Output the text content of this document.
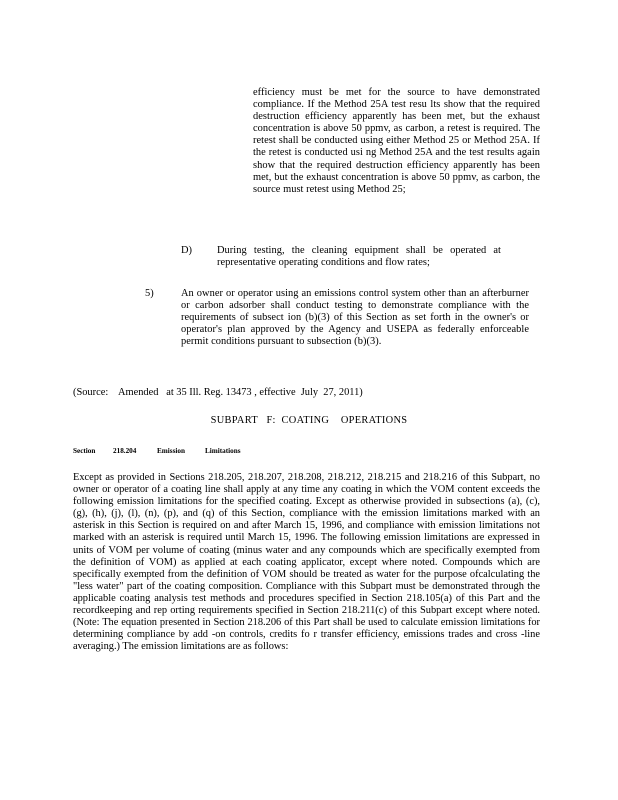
efficiency must be met for the source to have demonstrated compliance. If the Method 25A test resu lts show that the required destruction efficiency apparently has been met, but the exhaust concentration is above 50 ppmv, as carbon, a retest is required. The retest shall be conducted using either Method 25 or Method 25A. If the retest is conducted usi ng Method 25A and the test results again show that the required destruction efficiency apparently has been met, but the exhaust concentration is above 50 ppmv, as carbon, the source must retest using Method 25;
D) During testing, the cleaning equipment shall be operated at representative operating conditions and flow rates;
5)	An owner or operator using an emissions control system other than an afterburner or carbon adsorber shall conduct testing to demonstrate compliance with the requirements of subsect ion (b)(3) of this Section as set forth in the owner's or operator's plan approved by the Agency and USEPA as federally enforceable permit conditions pursuant to subsection (b)(3).
(Source:    Amended   at 35 Ill. Reg. 13473 , effective  July  27, 2011)
SUBPART   F:  COATING    OPERATIONS
Section 218.204	Emission	Limitations
Except as provided in Sections 218.205, 218.207, 218.208, 218.212, 218.215 and 218.216 of this Subpart, no owner or operator of a coating line shall apply at any time any coating in which the VOM content exceeds the following emission limitations for the specified coating. Except as otherwise provided in subsections (a), (c), (g), (h), (j), (l), (n), (p), and (q) of this Section, compliance with the emission limitations marked with an asterisk in this Section is required on and after March 15, 1996, and compliance with emission limitations not marked with an asterisk is required until March 15, 1996. The following emission limitations are expressed in units of VOM per volume of coating (minus water and any compounds which are specifically exempted from the definition of VOM) as applied at each coating applicator, except where noted. Compounds which are specifically exempted from the definition of VOM should be treated as water for the purpose ofcalculating the "less water" part of the coating composition. Compliance with this Subpart must be demonstrated through the applicable coating analysis test methods and procedures specified in Section 218.105(a) of this Part and the recordkeeping and rep orting requirements specified in Section 218.211(c) of this Subpart except where noted. (Note: The equation presented in Section 218.206 of this Part shall be used to calculate emission limitations for determining compliance by add -on controls, credits fo r transfer efficiency, emissions trades and cross -line averaging.) The emission limitations are as follows:
